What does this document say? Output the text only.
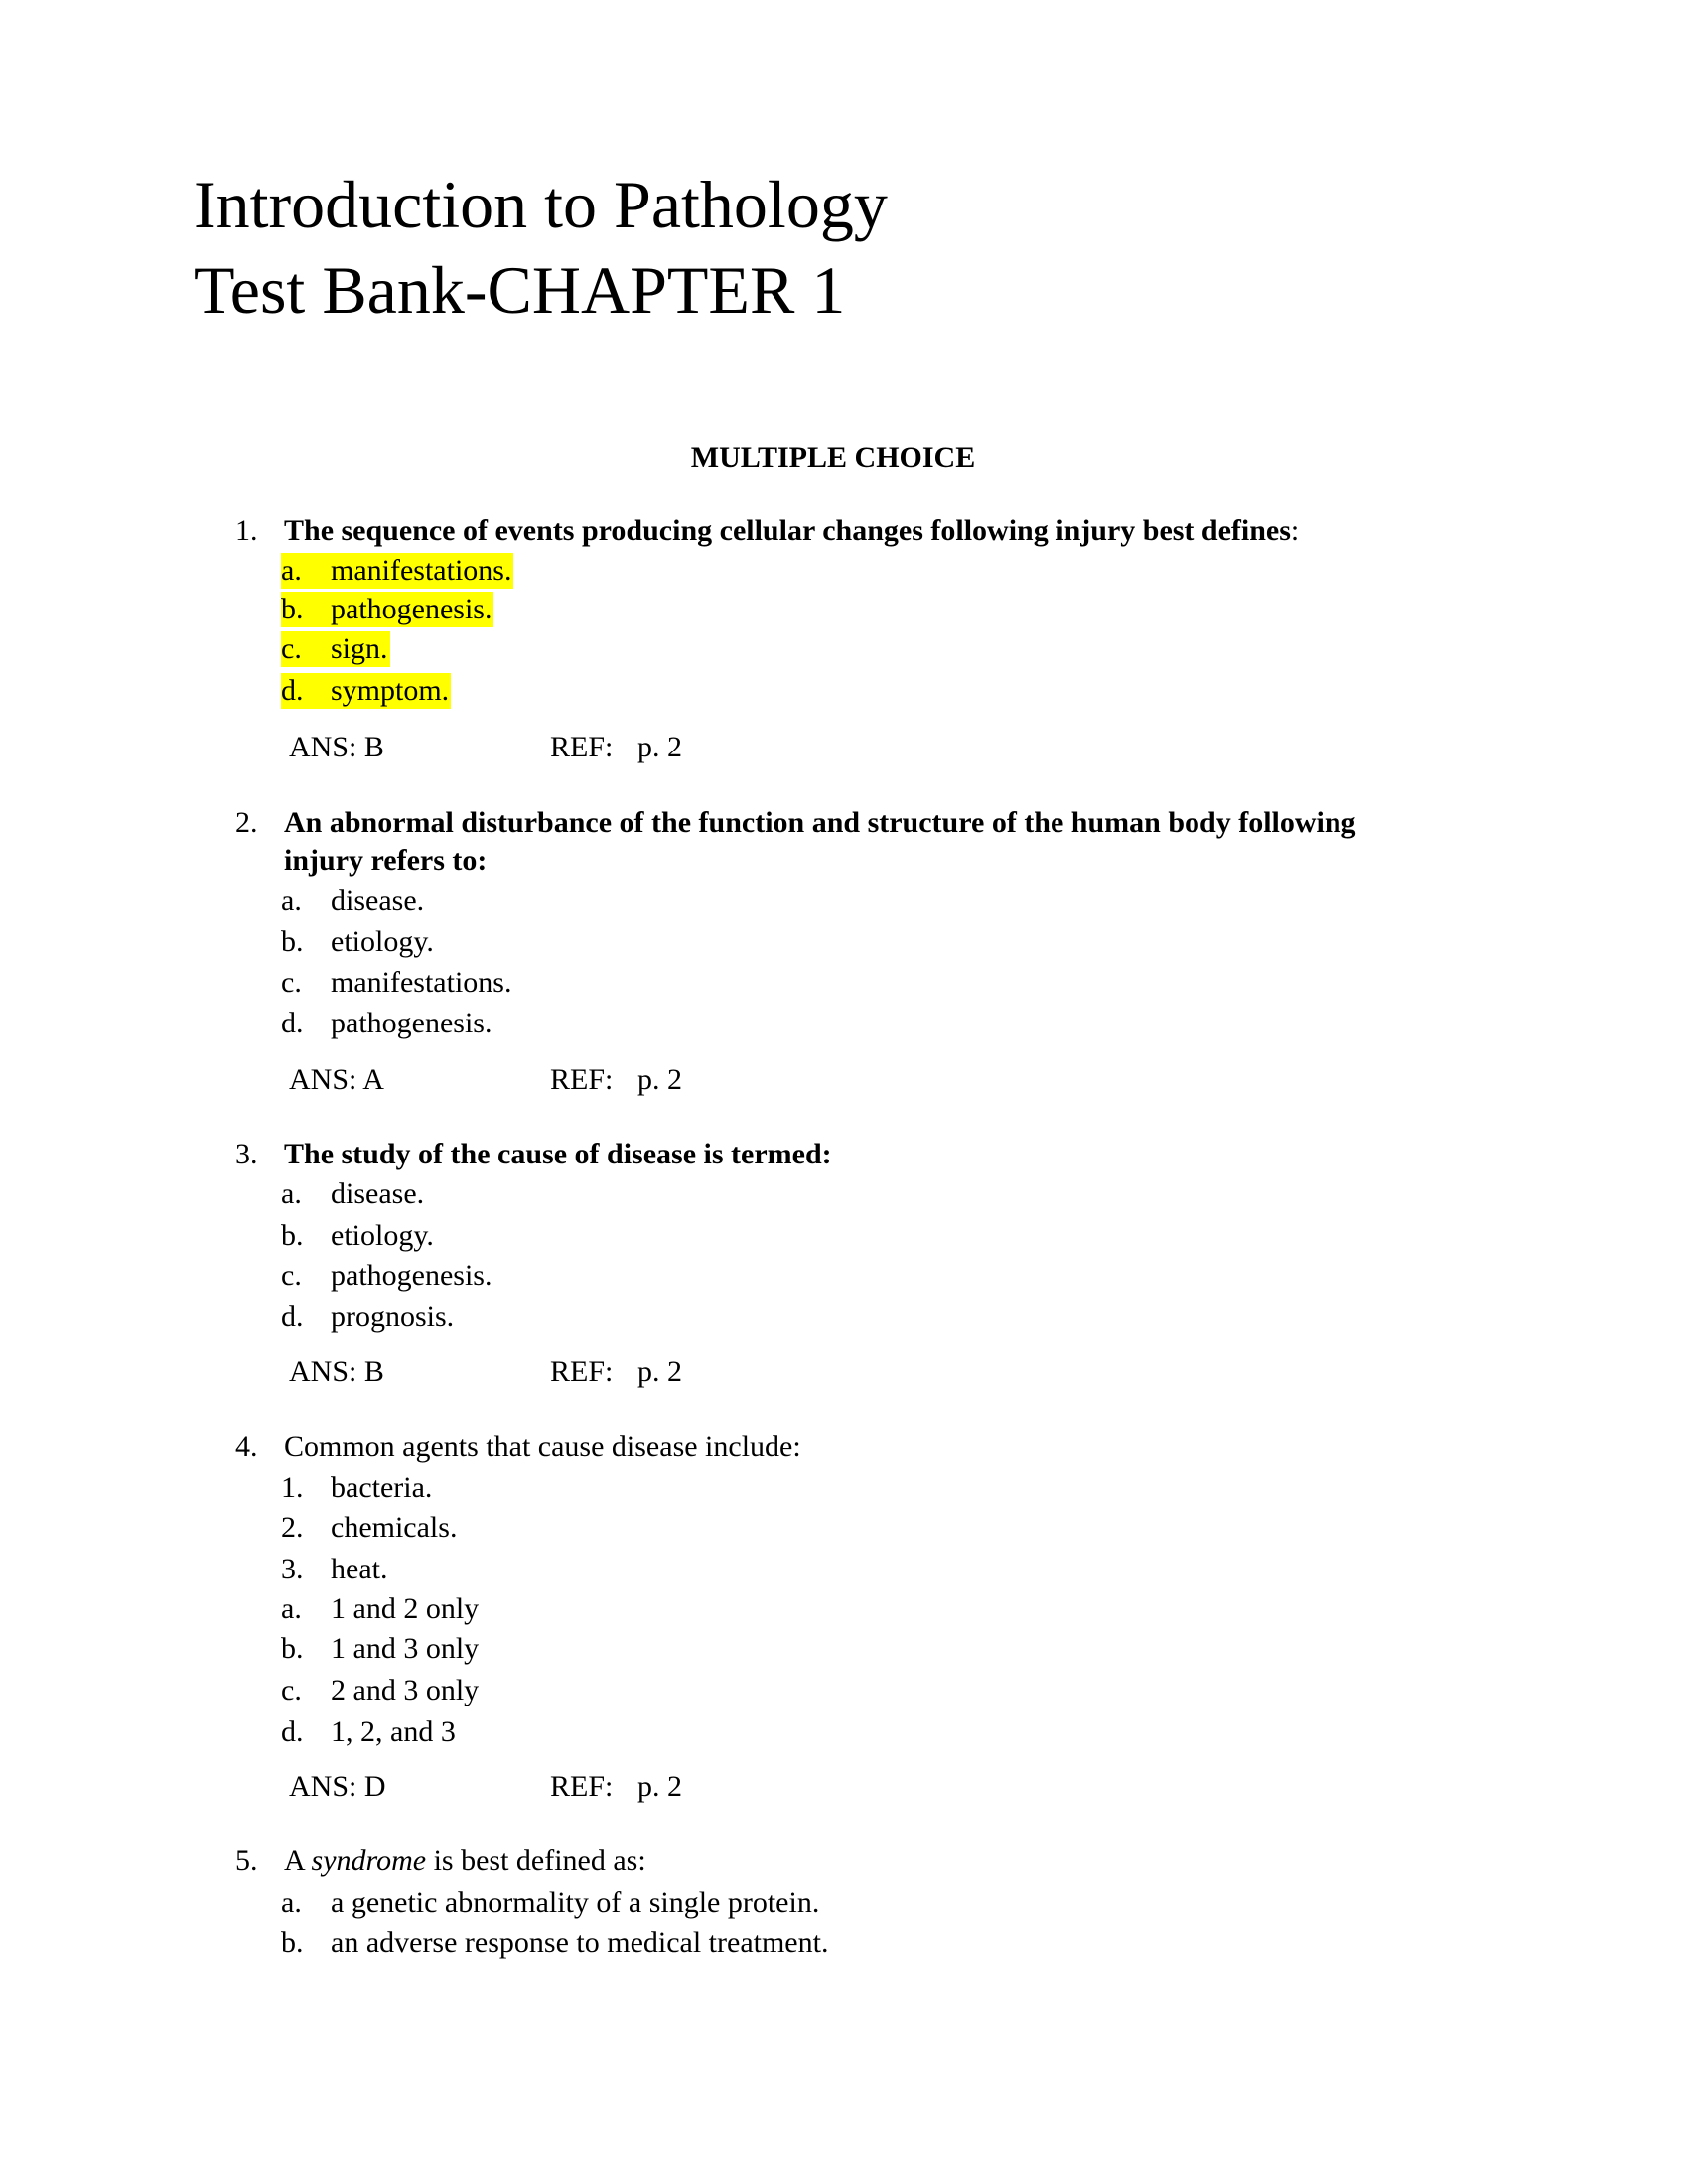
Introduction to Pathology
Test Bank-CHAPTER 1
MULTIPLE CHOICE
1. The sequence of events producing cellular changes following injury best defines:
a. manifestations.
b. pathogenesis.
c. sign.
d. symptom.
ANS: B	REF: p. 2
2. An abnormal disturbance of the function and structure of the human body following
injury refers to:
a. disease.
b. etiology.
c. manifestations.
d. pathogenesis.
ANS: A	REF: p. 2
3. The study of the cause of disease is termed:
a. disease.
b. etiology.
c. pathogenesis.
d. prognosis.
ANS: B	REF: p. 2
4. Common agents that cause disease include:
1. bacteria.
2. chemicals.
3. heat.
a. 1 and 2 only
b. 1 and 3 only
c. 2 and 3 only
d. 1, 2, and 3
ANS: D	REF: p. 2
5. A syndrome is best defined as:
a. a genetic abnormality of a single protein.
b. an adverse response to medical treatment.
